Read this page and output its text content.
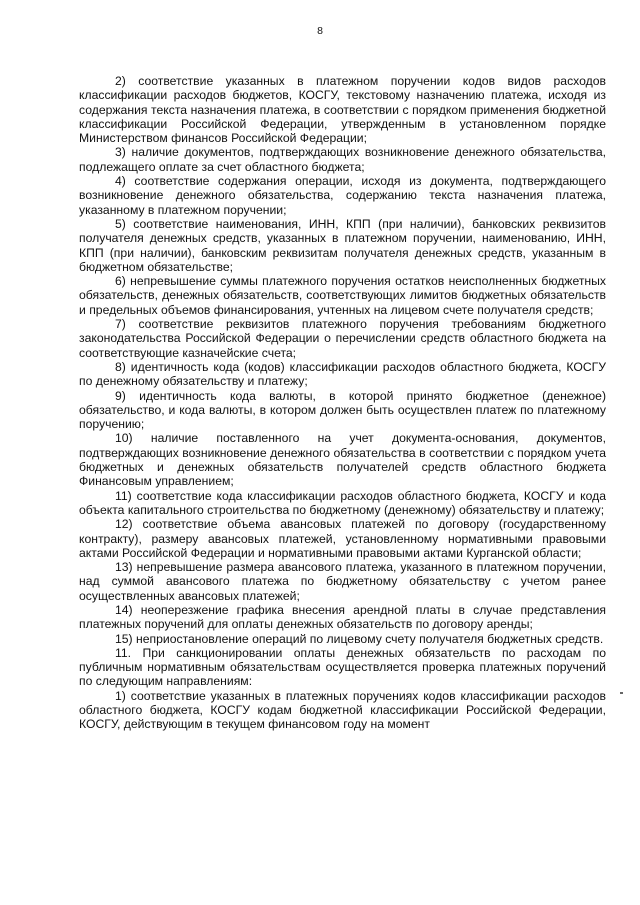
8

2) соответствие указанных в платежном поручении кодов видов расходов классификации расходов бюджетов, КОСГУ, текстовому назначению платежа, исходя из содержания текста назначения платежа, в соответствии с порядком применения бюджетной классификации Российской Федерации, утвержденным в установленном порядке Министерством финансов Российской Федерации;

3) наличие документов, подтверждающих возникновение денежного обязательства, подлежащего оплате за счет областного бюджета;

4) соответствие содержания операции, исходя из документа, подтверждающего возникновение денежного обязательства, содержанию текста назначения платежа, указанному в платежном поручении;

5) соответствие наименования, ИНН, КПП (при наличии), банковских реквизитов получателя денежных средств, указанных в платежном поручении, наименованию, ИНН, КПП (при наличии), банковским реквизитам получателя денежных средств, указанным в бюджетном обязательстве;

6) непревышение суммы платежного поручения остатков неисполненных бюджетных обязательств, денежных обязательств, соответствующих лимитов бюджетных обязательств и предельных объемов финансирования, учтенных на лицевом счете получателя средств;

7) соответствие реквизитов платежного поручения требованиям бюджетного законодательства Российской Федерации о перечислении средств областного бюджета на соответствующие казначейские счета;

8) идентичность кода (кодов) классификации расходов областного бюджета, КОСГУ по денежному обязательству и платежу;

9) идентичность кода валюты, в которой принято бюджетное (денежное) обязательство, и кода валюты, в котором должен быть осуществлен платеж по платежному поручению;

10) наличие поставленного на учет документа-основания, документов, подтверждающих возникновение денежного обязательства в соответствии с порядком учета бюджетных и денежных обязательств получателей средств областного бюджета Финансовым управлением;

11) соответствие кода классификации расходов областного бюджета, КОСГУ и кода объекта капитального строительства по бюджетному (денежному) обязательству и платежу;

12) соответствие объема авансовых платежей по договору (государственному контракту), размеру авансовых платежей, установленному нормативными правовыми актами Российской Федерации и нормативными правовыми актами Курганской области;

13) непревышение размера авансового платежа, указанного в платежном поручении, над суммой авансового платежа по бюджетному обязательству с учетом ранее осуществленных авансовых платежей;

14) неоперезжение графика внесения арендной платы в случае представления платежных поручений для оплаты денежных обязательств по договору аренды;

15) неприостановление операций по лицевому счету получателя бюджетных средств.

11. При санкционировании оплаты денежных обязательств по расходам по публичным нормативным обязательствам осуществляется проверка платежных поручений по следующим направлениям:

1) соответствие указанных в платежных поручениях кодов классификации расходов областного бюджета, КОСГУ кодам бюджетной классификации Российской Федерации, КОСГУ, действующим в текущем финансовом году на момент
